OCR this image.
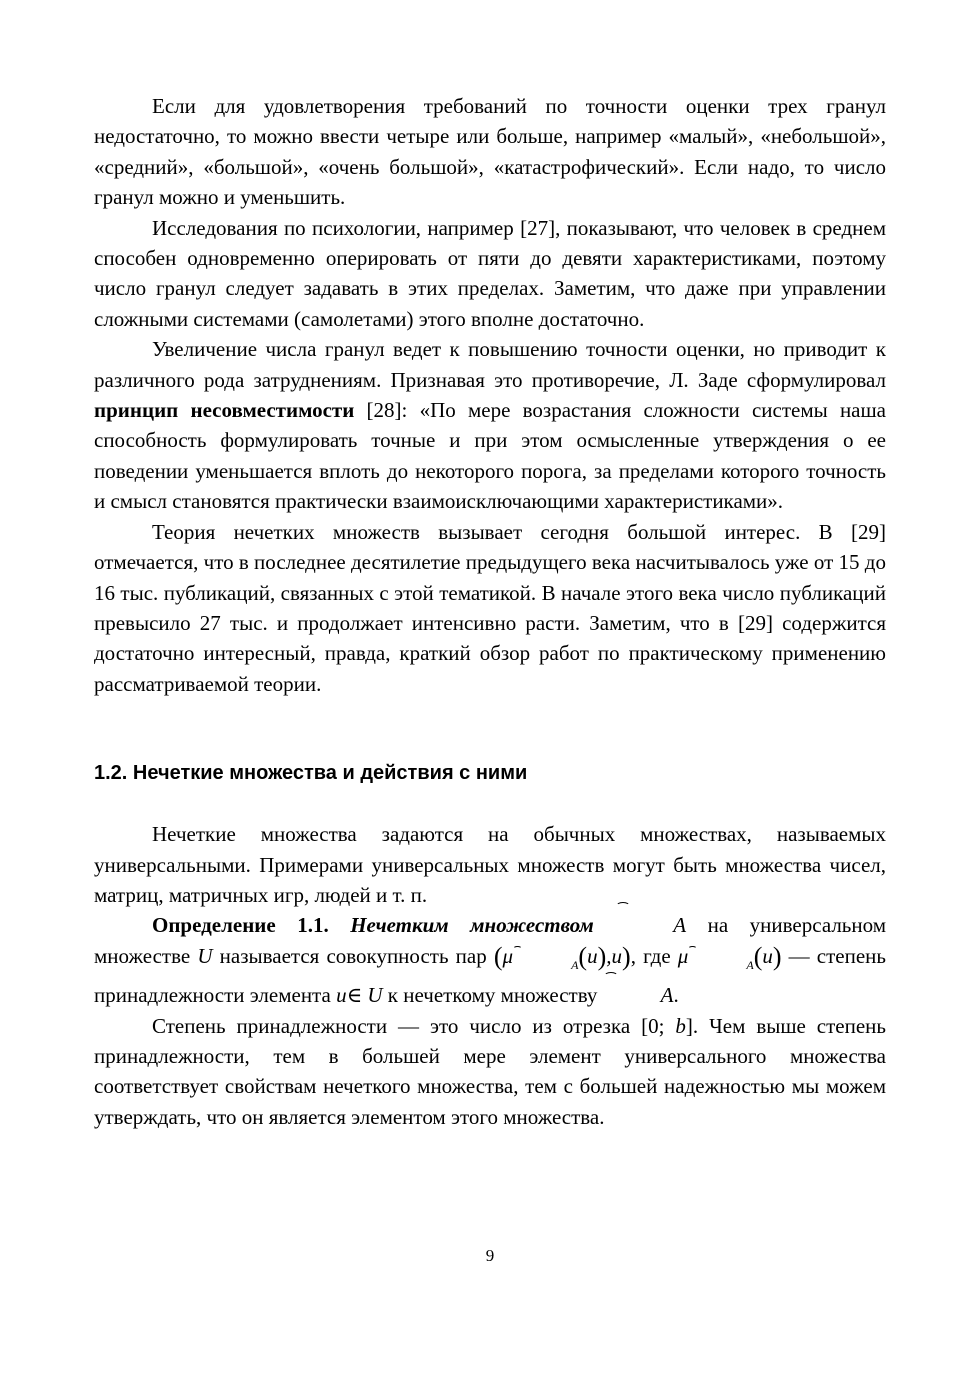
Если для удовлетворения требований по точности оценки трех гранул недостаточно, то можно ввести четыре или больше, например «малый», «небольшой», «средний», «большой», «очень большой», «катастрофический». Если надо, то число гранул можно и уменьшить.

Исследования по психологии, например [27], показывают, что человек в среднем способен одновременно оперировать от пяти до девяти характеристиками, поэтому число гранул следует задавать в этих пределах. Заметим, что даже при управлении сложными системами (самолетами) этого вполне достаточно.

Увеличение числа гранул ведет к повышению точности оценки, но приводит к различного рода затруднениям. Признавая это противоречие, Л. Заде сформулировал принцип несовместимости [28]: «По мере возрастания сложности системы наша способность формулировать точные и при этом осмысленные утверждения о ее поведении уменьшается вплоть до некоторого порога, за пределами которого точность и смысл становятся практически взаимоисключающими характеристиками».

Теория нечетких множеств вызывает сегодня большой интерес. В [29] отмечается, что в последнее десятилетие предыдущего века насчитывалось уже от 15 до 16 тыс. публикаций, связанных с этой тематикой. В начале этого века число публикаций превысило 27 тыс. и продолжает интенсивно расти. Заметим, что в [29] содержится достаточно интересный, правда, краткий обзор работ по практическому применению рассматриваемой теории.

1.2. Нечеткие множества и действия с ними

Нечеткие множества задаются на обычных множествах, называемых универсальными. Примерами универсальных множеств могут быть множества чисел, матриц, матричных игр, людей и т. п.

Определение 1.1. Нечетким множеством	A на универсальном множестве U называется совокупность пар (μ	$_A$(u),u), где μ	$_A$(u) — степень принадлежности элемента u∈ U к нечеткому множеству	A.

Степень принадлежности — это число из отрезка [0; b]. Чем выше степень принадлежности, тем в большей мере элемент универсального множества соответствует свойствам нечеткого множества, тем с большей надежностью мы можем утверждать, что он является элементом этого множества.

9
